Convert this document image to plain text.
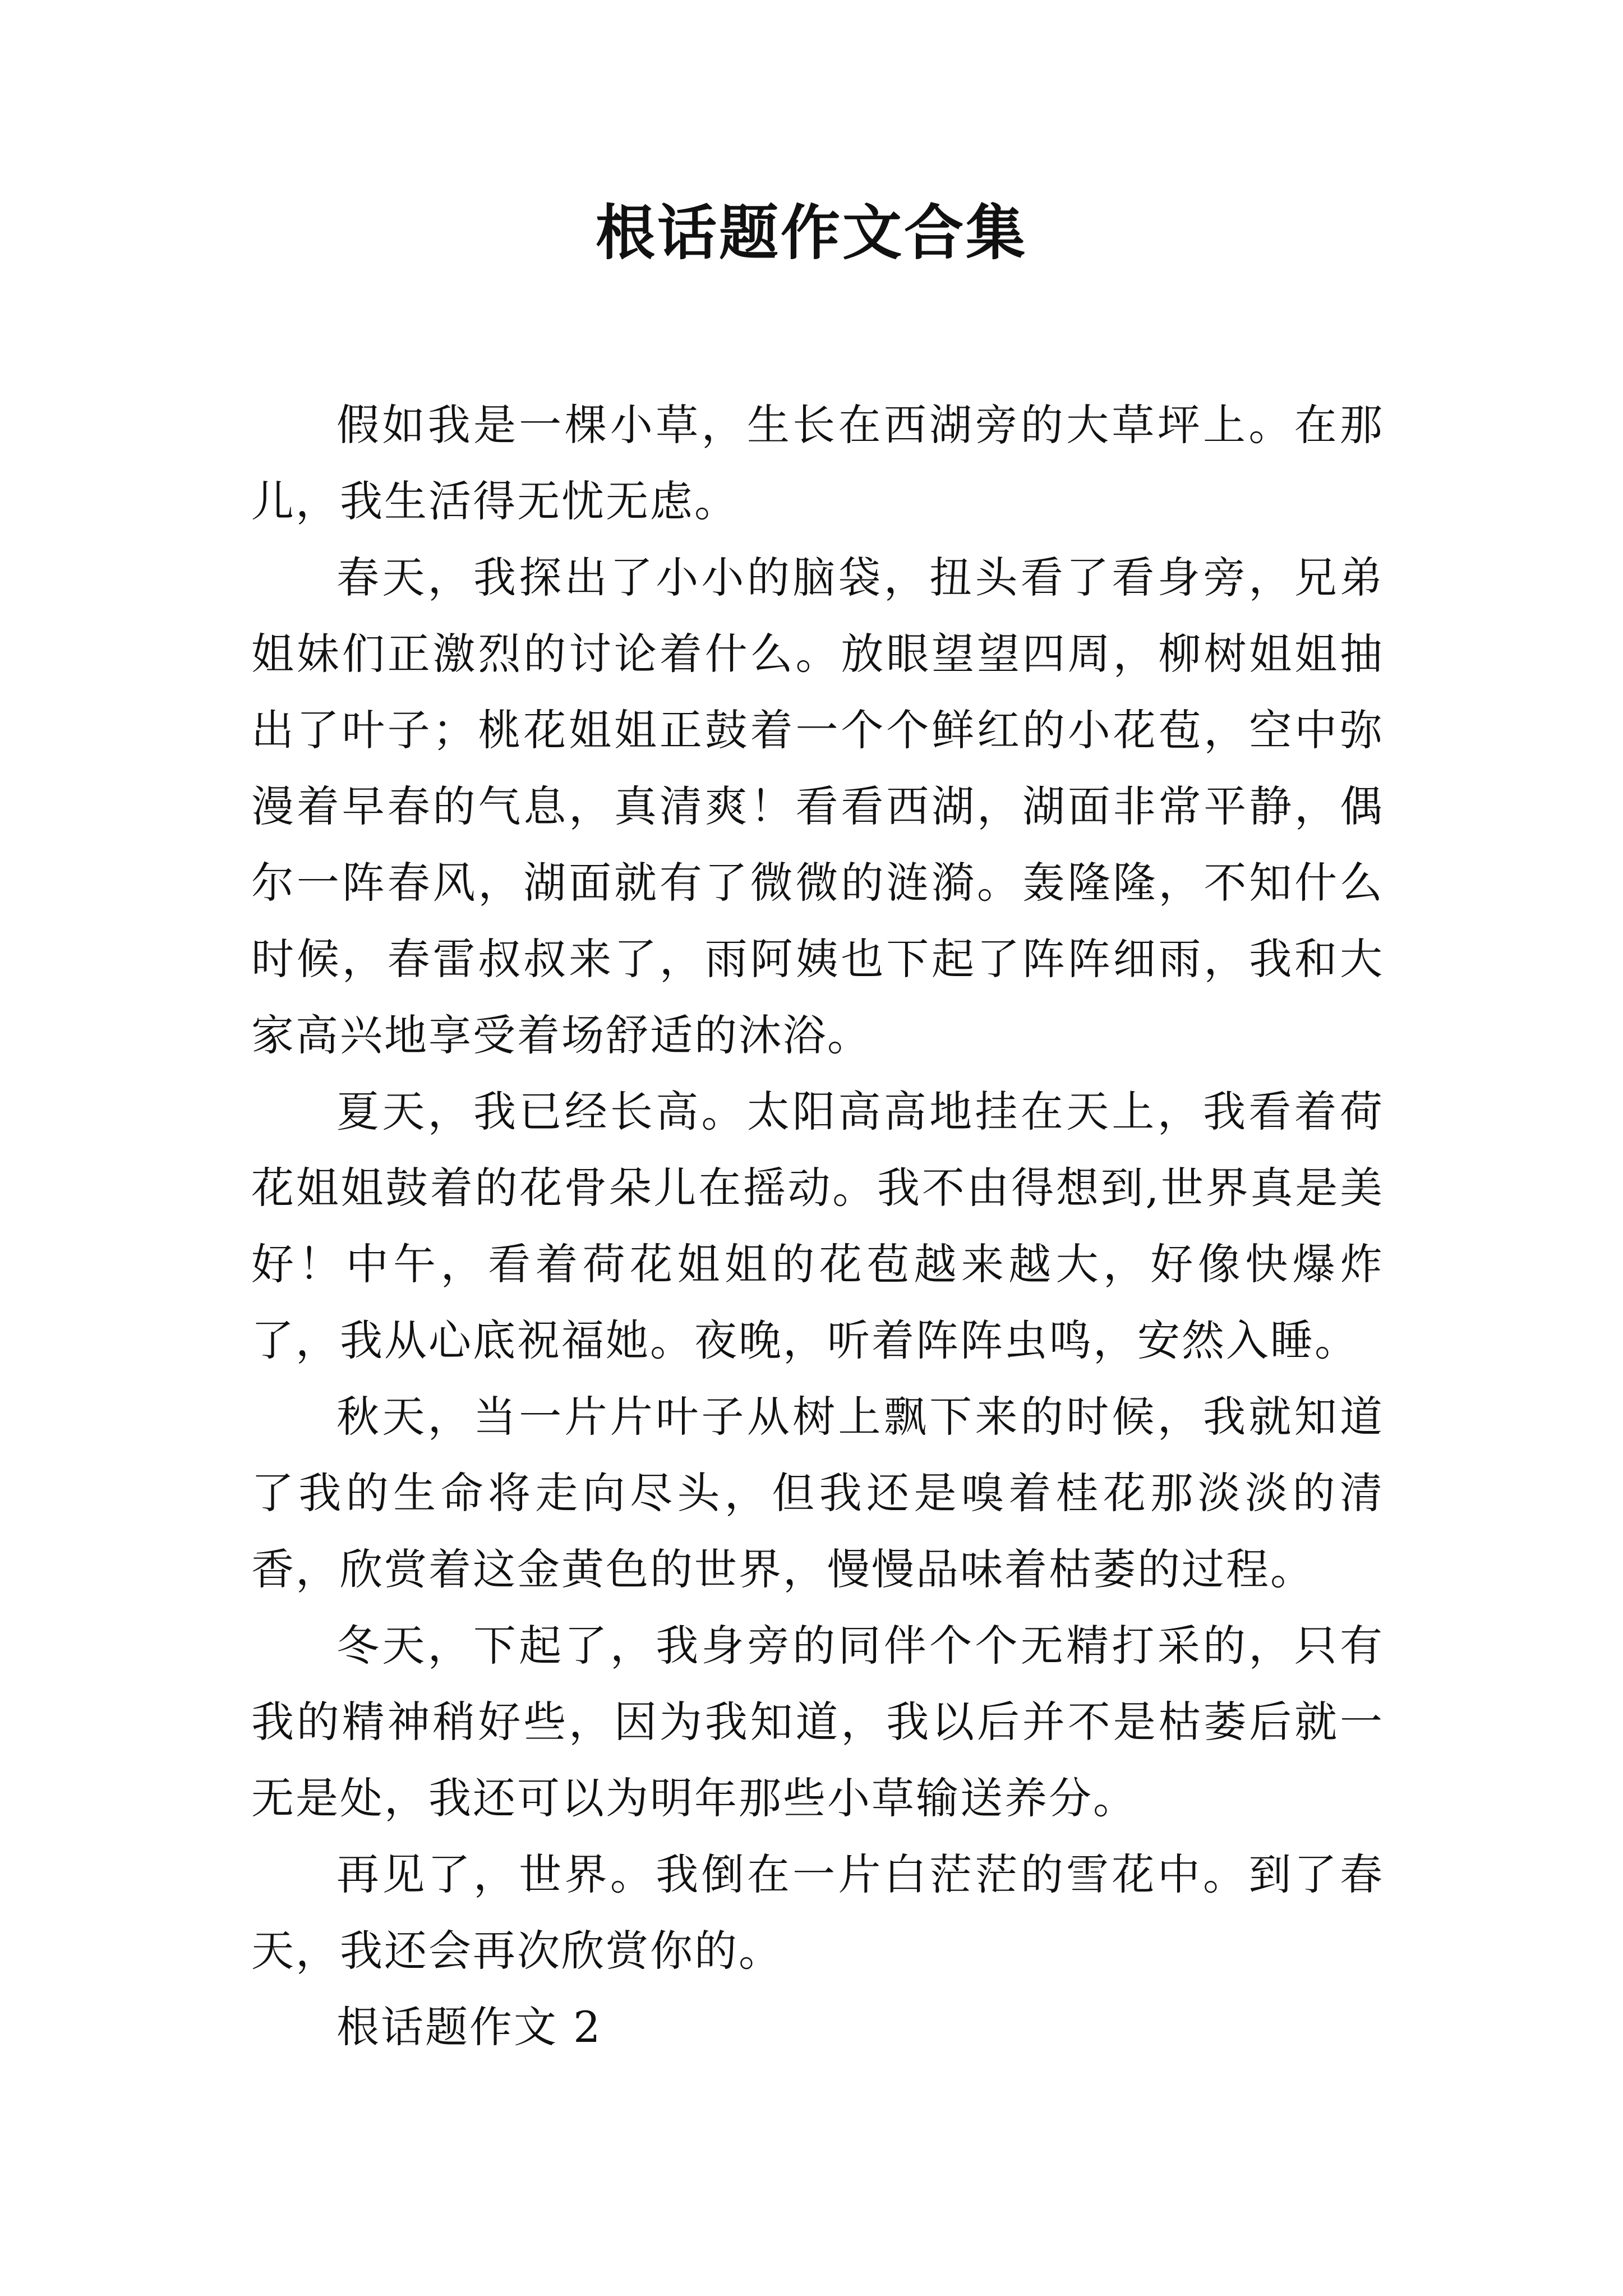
根话题作文合集

假如我是一棵小草，生长在西湖旁的大草坪上。在那儿，我生活得无忧无虑。

春天，我探出了小小的脑袋，扭头看了看身旁，兄弟姐妹们正激烈的讨论着什么。放眼望望四周，柳树姐姐抽出了叶子；桃花姐姐正鼓着一个个鲜红的小花苞，空中弥漫着早春的气息，真清爽！看看西湖，湖面非常平静，偶尔一阵春风，湖面就有了微微的涟漪。轰隆隆，不知什么时候，春雷叔叔来了，雨阿姨也下起了阵阵细雨，我和大家高兴地享受着场舒适的沐浴。

夏天，我已经长高。太阳高高地挂在天上，我看着荷花姐姐鼓着的花骨朵儿在摇动。我不由得想到,世界真是美好！中午，看着荷花姐姐的花苞越来越大，好像快爆炸了，我从心底祝福她。夜晚，听着阵阵虫鸣，安然入睡。

秋天，当一片片叶子从树上飘下来的时候，我就知道了我的生命将走向尽头，但我还是嗅着桂花那淡淡的清香，欣赏着这金黄色的世界，慢慢品味着枯萎的过程。

冬天，下起了，我身旁的同伴个个无精打采的，只有我的精神稍好些，因为我知道，我以后并不是枯萎后就一无是处，我还可以为明年那些小草输送养分。

再见了，世界。我倒在一片白茫茫的雪花中。到了春天，我还会再次欣赏你的。

根话题作文 2
